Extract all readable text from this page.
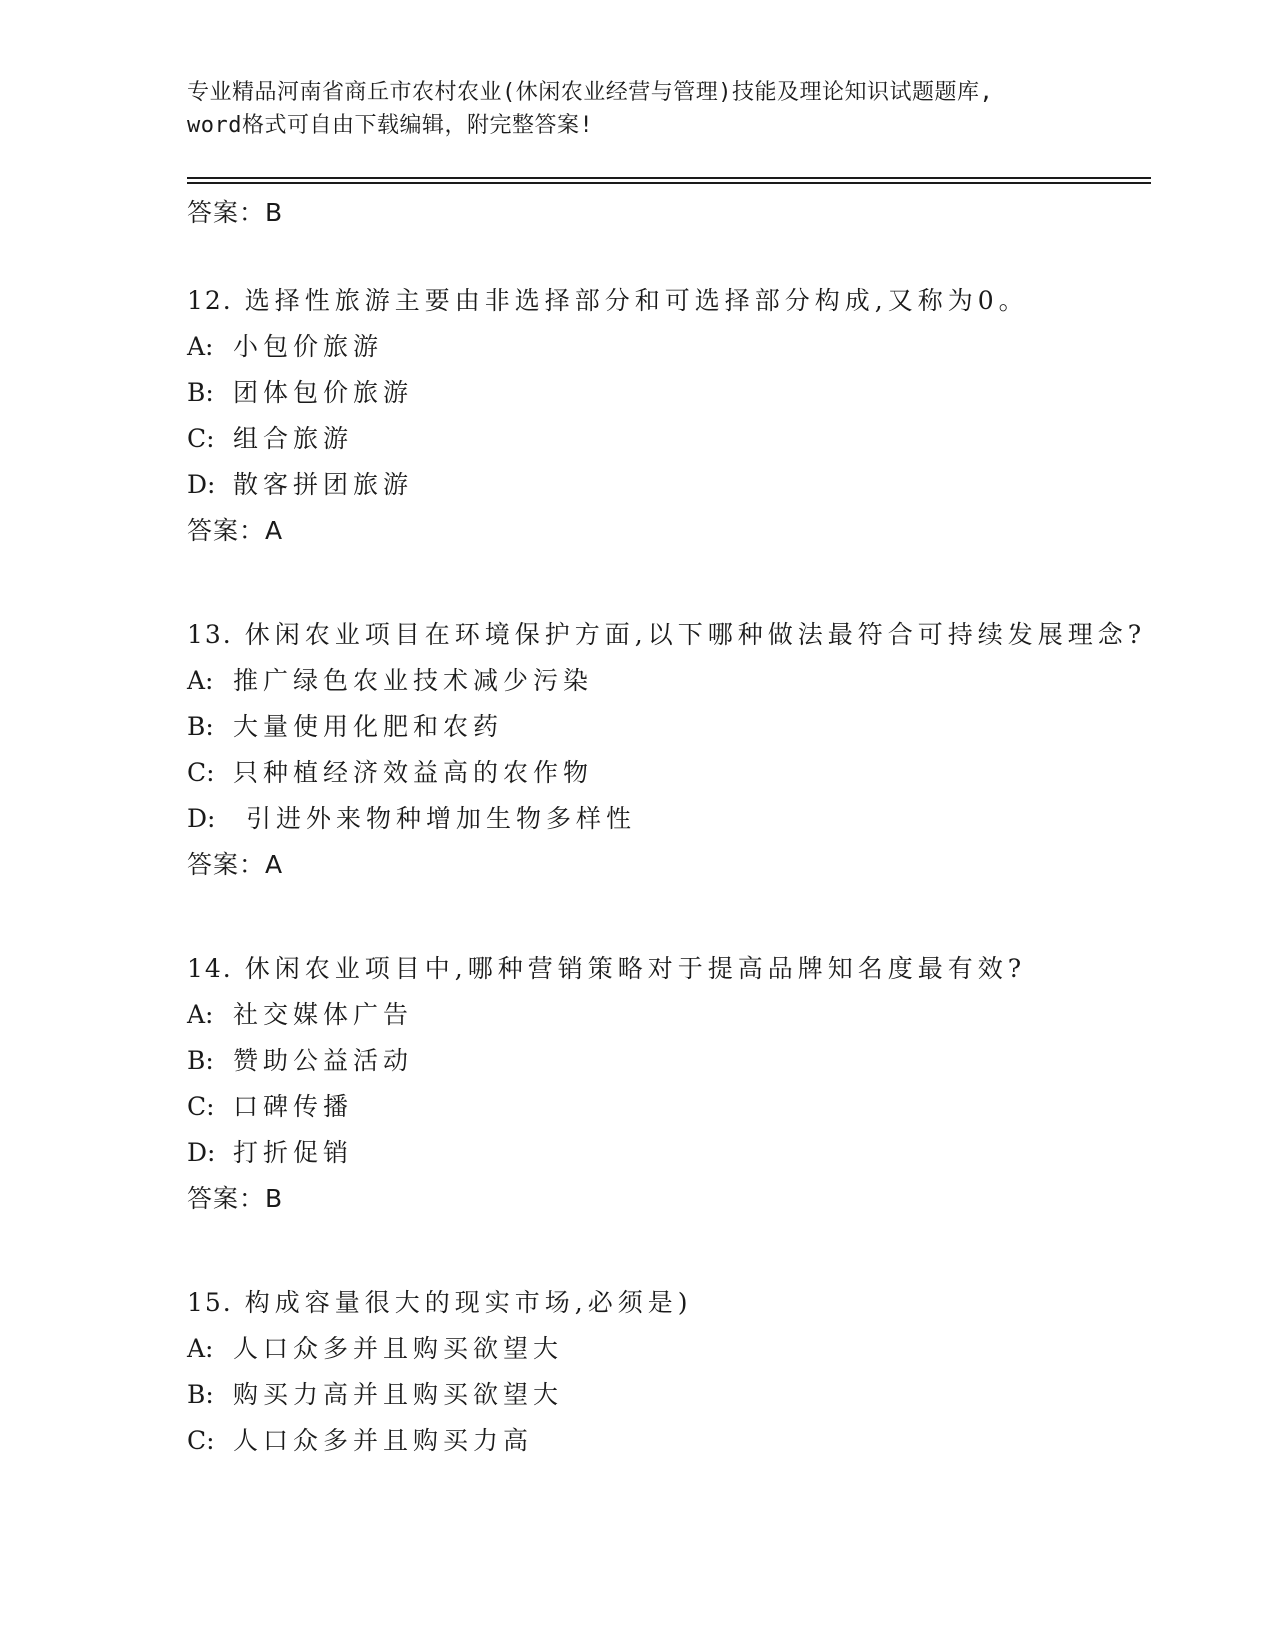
专业精品河南省商丘市农村农业(休闲农业经营与管理)技能及理论知识试题题库,
word格式可自由下载编辑，附完整答案!
答案：B
12. 选择性旅游主要由非选择部分和可选择部分构成,又称为0。
A: 小包价旅游
B: 团体包价旅游
C: 组合旅游
D: 散客拼团旅游
答案：A
13. 休闲农业项目在环境保护方面,以下哪种做法最符合可持续发展理念?
A: 推广绿色农业技术减少污染
B: 大量使用化肥和农药
C: 只种植经济效益高的农作物
D: 引进外来物种增加生物多样性
答案：A
14. 休闲农业项目中,哪种营销策略对于提高品牌知名度最有效?
A: 社交媒体广告
B: 赞助公益活动
C: 口碑传播
D: 打折促销
答案：B
15. 构成容量很大的现实市场,必须是)
A: 人口众多并且购买欲望大
B: 购买力高并且购买欲望大
C: 人口众多并且购买力高
